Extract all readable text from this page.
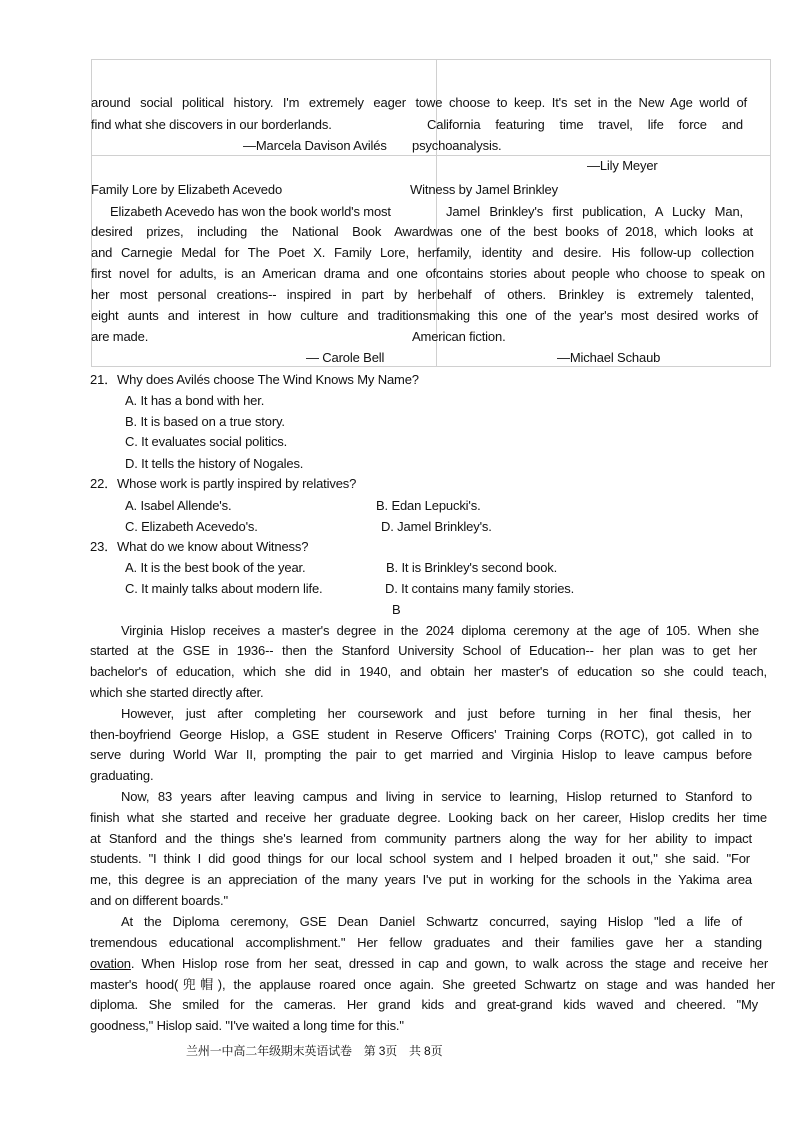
around social political history. I'm extremely eager to we choose to keep. It's set in the New Age world of
find what she discovers in our borderlands.	California featuring time travel, life force and
—Marcela Davison Avilés psychoanalysis.
—Lily Meyer
Family Lore by Elizabeth Acevedo	Witness by Jamel Brinkley
Elizabeth Acevedo has won the book world's most	Jamel Brinkley's first publication, A Lucky Man,
desired prizes, including the National Book Award was one of the best books of 2018, which looks at
and Carnegie Medal for The Poet X. Family Lore, her family, identity and desire. His follow-up collection
first novel for adults, is an American drama and one of contains stories about people who choose to speak on
her most personal creations-- inspired in part by her behalf of others. Brinkley is extremely talented,
eight aunts and interest in how culture and traditions making this one of the year's most desired works of
are made.	American fiction.
— Carole Bell	—Michael Schaub
21．Why does Avilés choose The Wind Knows My Name?
A. It has a bond with her.
B. It is based on a true story.
C. It evaluates social politics.
D. It tells the history of Nogales.
22．Whose work is partly inspired by relatives?
A. Isabel Allende's.	B. Edan Lepucki's.
C. Elizabeth Acevedo's.	D. Jamel Brinkley's.
23．What do we know about Witness?
A. It is the best book of the year.	B. It is Brinkley's second book.
C. It mainly talks about modern life.	D. It contains many family stories.
B
Virginia Hislop receives a master's degree in the 2024 diploma ceremony at the age of 105. When she
started at the GSE in 1936-- then the Stanford University School of Education-- her plan was to get her
bachelor's of education, which she did in 1940, and obtain her master's of education so she could teach,
which she started directly after.
However, just after completing her coursework and just before turning in her final thesis, her
then-boyfriend George Hislop, a GSE student in Reserve Officers' Training Corps (ROTC), got called in to
serve during World War II, prompting the pair to get married and Virginia Hislop to leave campus before
graduating.
Now, 83 years after leaving campus and living in service to learning, Hislop returned to Stanford to
finish what she started and receive her graduate degree. Looking back on her career, Hislop credits her time
at Stanford and the things she's learned from community partners along the way for her ability to impact
students. "I think I did good things for our local school system and I helped broaden it out," she said. "For
me, this degree is an appreciation of the many years I've put in working for the schools in the Yakima area
and on different boards."
At the Diploma ceremony, GSE Dean Daniel Schwartz concurred, saying Hislop "led a life of
tremendous educational accomplishment." Her fellow graduates and their families gave her a standing
ovation . When Hislop rose from her seat, dressed in cap and gown, to walk across the stage and receive her
master's hood(兜帽), the applause roared once again. She greeted Schwartz on stage and was handed her
diploma. She smiled for the cameras. Her grand kids and great-grand kids waved and cheered. "My
goodness," Hislop said. "I've waited a long time for this."
兰州一中高二年级期末英语试卷　第 3页　共 8页
